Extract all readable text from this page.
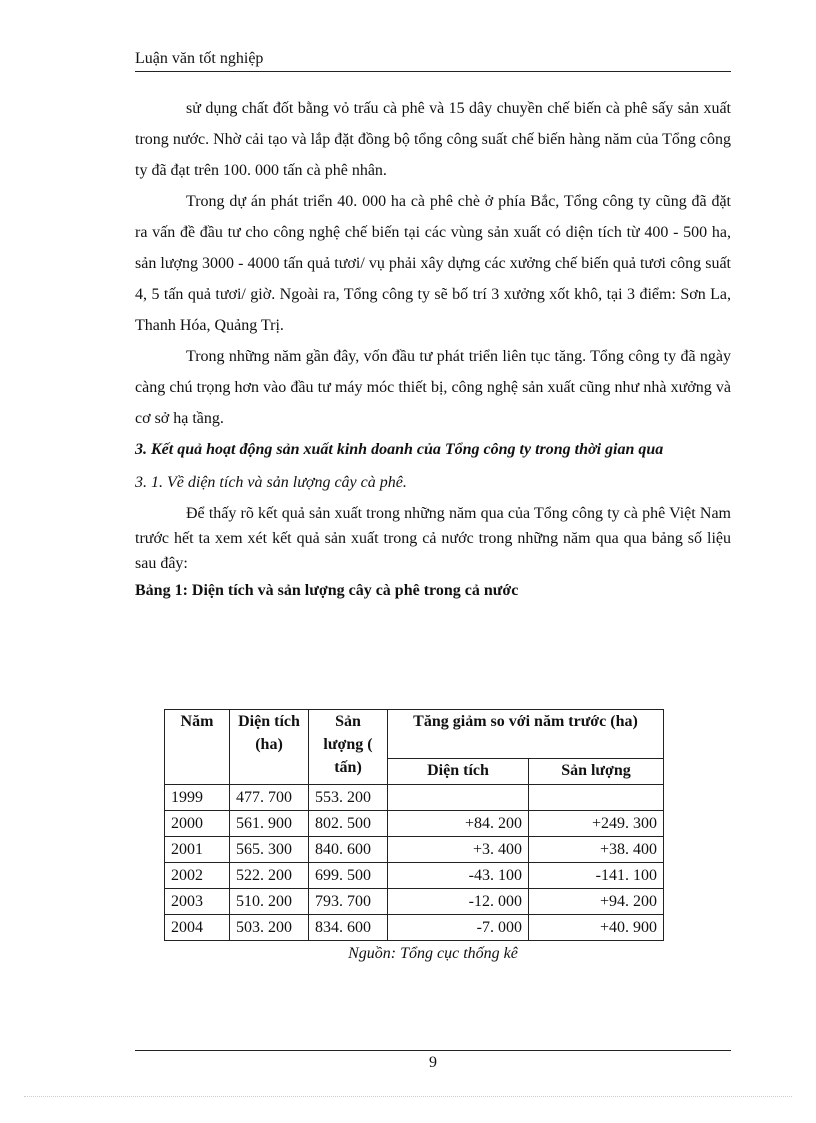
Luận văn tốt nghiệp

sử dụng chất đốt bằng vỏ trấu cà phê và 15 dây chuyền chế biến cà phê sấy sản xuất trong nước. Nhờ cải tạo và lắp đặt đồng bộ tổng công suất chế biến hàng năm của Tổng công ty đã đạt trên 100. 000 tấn cà phê nhân.

Trong dự án phát triển 40. 000 ha cà phê chè ở phía Bắc, Tổng công ty cũng đã đặt ra vấn đề đầu tư cho công nghệ chế biến tại các vùng sản xuất có diện tích từ 400 - 500 ha, sản lượng 3000 - 4000 tấn quả tươi/ vụ phải xây dựng các xưởng chế biến quả tươi công suất 4, 5 tấn quả tươi/ giờ. Ngoài ra, Tổng công ty sẽ bố trí 3 xưởng xốt khô, tại 3 điểm: Sơn La, Thanh Hóa, Quảng Trị.

Trong những năm gần đây, vốn đầu tư phát triển liên tục tăng. Tổng công ty đã ngày càng chú trọng hơn vào đầu tư máy móc thiết bị, công nghệ sản xuất cũng như nhà xưởng và cơ sở hạ tầng.

3. Kết quả hoạt động sản xuất kinh doanh của Tổng công ty trong thời gian qua

3. 1. Về diện tích và sản lượng cây cà phê.

Để thấy rõ kết quả sản xuất trong những năm qua của Tổng công ty cà phê Việt Nam trước hết ta xem xét kết quả sản xuất trong cả nước trong những năm qua qua bảng số liệu sau đây:

Bảng 1: Diện tích và sản lượng cây cà phê trong cả nước

Năm	Diện tích (ha)	Sản lượng ( tấn)	Tăng giảm so với năm trước (ha)	
			Diện tích	Sản lượng
1999	477. 700	553. 200		
2000	561. 900	802. 500	+84. 200	+249. 300
2001	565. 300	840. 600	+3. 400	+38. 400
2002	522. 200	699. 500	-43. 100	-141. 100
2003	510. 200	793. 700	-12. 000	+94. 200
2004	503. 200	834. 600	-7. 000	+40. 900
Nguồn: Tổng cục thống kê
9
